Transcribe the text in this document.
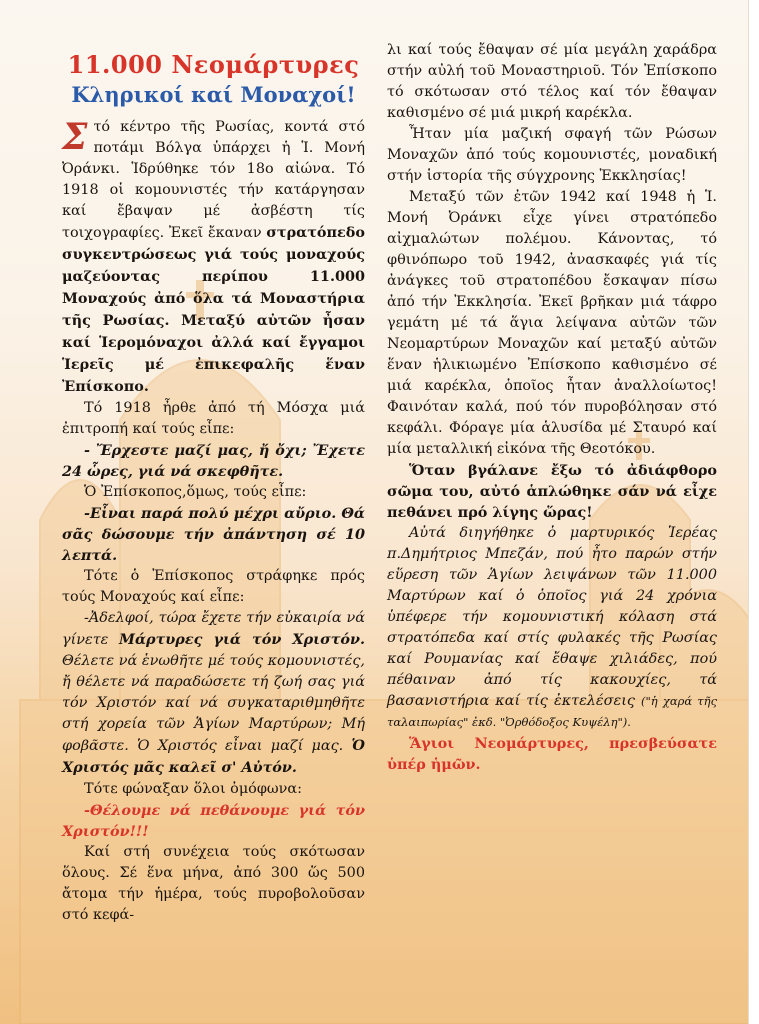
11.000 Νεομάρτυρες
Κληρικοί καί Μοναχοί!

Στό κέντρο τῆς Ρωσίας, κοντά στό ποτάμι Βόλγα ὑπάρχει ἡ Ἱ. Μονή Ὀράνκι. Ἱδρύθηκε τόν 18ο αἰώνα. Τό 1918 οἱ κομουνιστές τήν κατάργησαν καί ἔβαψαν μέ ἀσβέστη τίς τοιχογραφίες. Ἐκεῖ ἔκαναν στρατόπεδο συγκεντρώσεως γιά τούς μοναχούς μαζεύοντας περίπου 11.000 Μοναχούς ἀπό ὅλα τά Μοναστήρια τῆς Ρωσίας. Μεταξύ αὐτῶν ἦσαν καί Ἱερομόναχοι ἀλλά καί ἔγγαμοι Ἱερεῖς μέ ἐπικεφαλῆς ἕναν Ἐπίσκοπο.

Τό 1918 ἦρθε ἀπό τή Μόσχα μιά ἐπιτροπή καί τούς εἶπε:

- Ἔρχεστε μαζί μας, ἤ ὄχι; Ἔχετε 24 ὧρες, γιά νά σκεφθῆτε.

Ὁ Ἐπίσκοπος,ὅμως, τούς εἶπε:

-Εἶναι παρά πολύ μέχρι αὔριο. Θά σᾶς δώσουμε τήν ἀπάντηση σέ 10 λεπτά.

Τότε ὁ Ἐπίσκοπος στράφηκε πρός τούς Μοναχούς καί εἶπε:

-Ἀδελφοί, τώρα ἔχετε τήν εὐκαιρία νά γίνετε Μάρτυρες γιά τόν Χριστόν. Θέλετε νά ἑνωθῆτε μέ τούς κομουνιστές, ἤ θέλετε νά παραδώσετε τή ζωή σας γιά τόν Χριστόν καί νά συγκαταριθμηθῆτε στή χορεία τῶν Ἁγίων Μαρτύρων; Μή φοβᾶστε. Ὁ Χριστός εἶναι μαζί μας. Ὁ Χριστός μᾶς καλεῖ σ' Αὐτόν.

Τότε φώναξαν ὅλοι ὁμόφωνα:

-Θέλουμε νά πεθάνουμε γιά τόν Χριστόν!!!

Καί στή συνέχεια τούς σκότωσαν ὅλους. Σέ ἕνα μήνα, ἀπό 300 ὥς 500 ἄτομα τήν ἡμέρα, τούς πυροβολοῦσαν στό κεφά-

λι καί τούς ἔθαψαν σέ μία μεγάλη χαράδρα στήν αὐλή τοῦ Μοναστηριοῦ. Τόν Ἐπίσκοπο τό σκότωσαν στό τέλος καί τόν ἔθαψαν καθισμένο σέ μιά μικρή καρέκλα.

Ἦταν μία μαζική σφαγή τῶν Ρώσων Μοναχῶν ἀπό τούς κομουνιστές, μοναδική στήν ἱστορία τῆς σύγχρονης Ἐκκλησίας!

Μεταξύ τῶν ἐτῶν 1942 καί 1948 ἡ Ἱ. Μονή Ὀράνκι εἶχε γίνει στρατόπεδο αἰχμαλώτων πολέμου. Κάνοντας, τό φθινόπωρο τοῦ 1942, ἀνασκαφές γιά τίς ἀνάγκες τοῦ στρατοπέδου ἔσκαψαν πίσω ἀπό τήν Ἐκκλησία. Ἐκεῖ βρῆκαν μιά τάφρο γεμάτη μέ τά ἅγια λείψανα αὐτῶν τῶν Νεομαρτύρων Μοναχῶν καί μεταξύ αὐτῶν ἕναν ἡλικιωμένο Ἐπίσκοπο καθισμένο σέ μιά καρέκλα, ὁποῖος ἦταν ἀναλλοίωτος! Φαινόταν καλά, πού τόν πυροβόλησαν στό κεφάλι. Φόραγε μία ἁλυσίδα μέ Σταυρό καί μία μεταλλική εἰκόνα τῆς Θεοτόκου.

Ὅταν βγάλανε ἔξω τό ἀδιάφθορο σῶμα του, αὐτό ἁπλώθηκε σάν νά εἶχε πεθάνει πρό λίγης ὥρας!

Αὐτά διηγήθηκε ὁ μαρτυρικός Ἱερέας π.Δημήτριος Μπεζάν, πού ἦτο παρών στήν εὕρεση τῶν Ἁγίων λειψάνων τῶν 11.000 Μαρτύρων καί ὁ ὁποῖος γιά 24 χρόνια ὑπέφερε τήν κομουνιστική κόλαση στά στρατόπεδα καί στίς φυλακές τῆς Ρωσίας καί Ρουμανίας καί ἔθαψε χιλιάδες, πού πέθαιναν ἀπό τίς κακουχίες, τά βασανιστήρια καί τίς ἐκτελέσεις ("ἡ χαρά τῆς ταλαιπωρίας" ἐκδ. "Ὀρθόδοξος Κυψέλη").

Ἅγιοι Νεομάρτυρες, πρεσβεύσατε ὑπέρ ἡμῶν.
